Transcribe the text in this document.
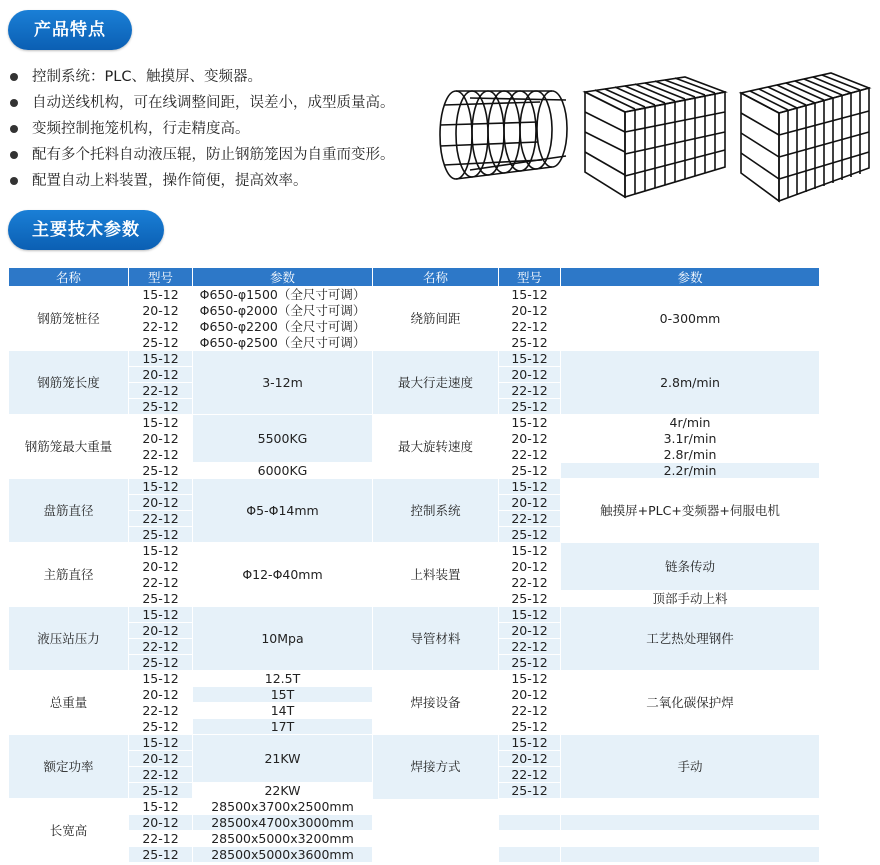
产品特点
控制系统：PLC、触摸屏、变频器。
自动送线机构，可在线调整间距，误差小，成型质量高。
变频控制拖笼机构，行走精度高。
配有多个托料自动液压辊，防止钢筋笼因为自重而变形。
配置自动上料装置，操作简便，提高效率。
主要技术参数
名称	型号	参数	名称	型号	参数
钢筋笼桩径	15-12	Φ650-φ1500（全尺寸可调）	绕筋间距	15-12	0-300mm
	20-12	Φ650-φ2000（全尺寸可调）		20-12	
	22-12	Φ650-φ2200（全尺寸可调）		22-12	
	25-12	Φ650-φ2500（全尺寸可调）		25-12	
钢筋笼长度	15-12	3-12m	最大行走速度	15-12	2.8m/min
	20-12			20-12	
	22-12			22-12	
	25-12			25-12	
钢筋笼最大重量	15-12	5500KG	最大旋转速度	15-12	4r/min
	20-12			20-12	3.1r/min
	22-12			22-12	2.8r/min
	25-12	6000KG		25-12	2.2r/min
盘筋直径	15-12	Φ5-Φ14mm	控制系统	15-12	触摸屏+PLC+变频器+伺服电机
	20-12			20-12	
	22-12			22-12	
	25-12			25-12	
主筋直径	15-12	Φ12-Φ40mm	上料装置	15-12	链条传动
	20-12			20-12	
	22-12			22-12	
	25-12			25-12	顶部手动上料
液压站压力	15-12	10Mpa	导管材料	15-12	工艺热处理钢件
	20-12			20-12	
	22-12			22-12	
	25-12			25-12	
总重量	15-12	12.5T	焊接设备	15-12	二氧化碳保护焊
	20-12	15T		20-12	
	22-12	14T		22-12	
	25-12	17T		25-12	
额定功率	15-12	21KW	焊接方式	15-12	手动
	20-12			20-12	
	22-12			22-12	
	25-12	22KW		25-12	
长宽高	15-12	28500x3700x2500mm			
	20-12	28500x4700x3000mm			
	22-12	28500x5000x3200mm			
	25-12	28500x5000x3600mm			
